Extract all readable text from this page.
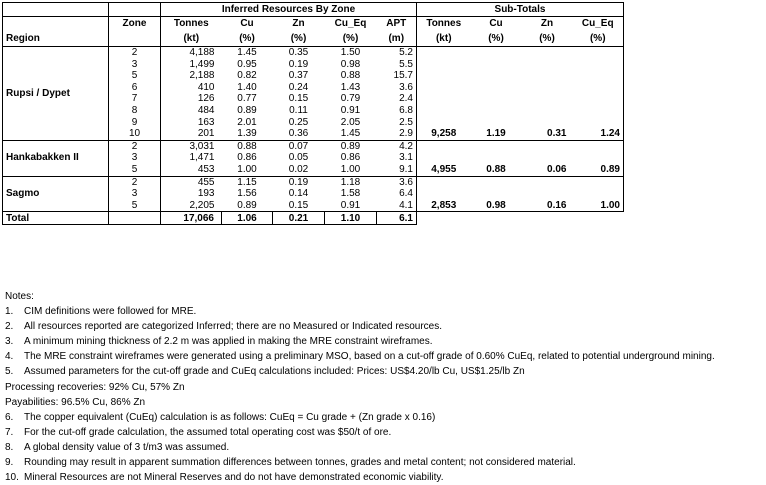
		Inferred Resources By Zone					Sub-Totals			
	Zone	Tonnes	Cu	Zn	Cu_Eq	APT	Tonnes	Cu	Zn	Cu_Eq
Region		(kt)	(%)	(%)	(%)	(m)	(kt)	(%)	(%)	(%)
Rupsi / Dypet	2	4,188	1.45	0.35	1.50	5.2				
	3	1,499	0.95	0.19	0.98	5.5				
	5	2,188	0.82	0.37	0.88	15.7				
	6	410	1.40	0.24	1.43	3.6				
	7	126	0.77	0.15	0.79	2.4				
	8	484	0.89	0.11	0.91	6.8				
	9	163	2.01	0.25	2.05	2.5				
	10	201	1.39	0.36	1.45	2.9	9,258	1.19	0.31	1.24
Hankabakken II	2	3,031	0.88	0.07	0.89	4.2				
	3	1,471	0.86	0.05	0.86	3.1				
	5	453	1.00	0.02	1.00	9.1	4,955	0.88	0.06	0.89
Sagmo	2	455	1.15	0.19	1.18	3.6				
	3	193	1.56	0.14	1.58	6.4				
	5	2,205	0.89	0.15	0.91	4.1	2,853	0.98	0.16	1.00
Total		17,066	1.06	0.21	1.10	6.1				
Notes:
1. CIM definitions were followed for MRE.
2. All resources reported are categorized Inferred; there are no Measured or Indicated resources.
3. A minimum mining thickness of 2.2 m was applied in making the MRE constraint wireframes.
4. The MRE constraint wireframes were generated using a preliminary MSO, based on a cut-off grade of 0.60% CuEq, related to potential underground mining.
5. Assumed parameters for the cut-off grade and CuEq calculations included: Prices: US$4.20/lb Cu, US$1.25/lb Zn
Processing recoveries: 92% Cu, 57% Zn
Payabilities: 96.5% Cu, 86% Zn
6. The copper equivalent (CuEq) calculation is as follows: CuEq = Cu grade + (Zn grade x 0.16)
7. For the cut-off grade calculation, the assumed total operating cost was $50/t of ore.
8. A global density value of 3 t/m3 was assumed.
9. Rounding may result in apparent summation differences between tonnes, grades and metal content; not considered material.
10. Mineral Resources are not Mineral Reserves and do not have demonstrated economic viability.
